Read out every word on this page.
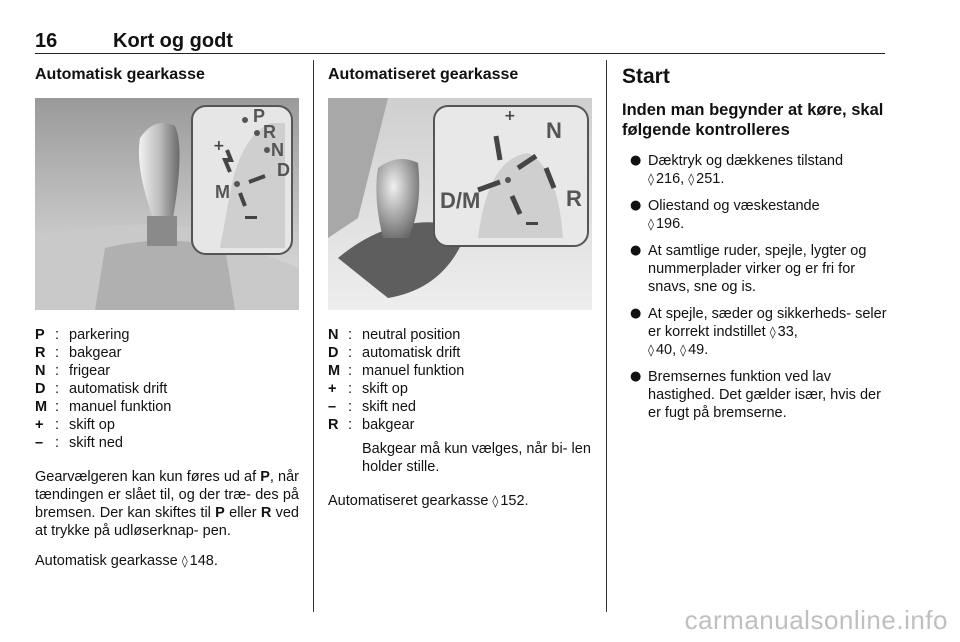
16	Kort og godt
Automatisk gearkasse
P
R
N
D
M
+
P : parkering
R : bakgear
N : frigear
D : automatisk drift
M : manuel funktion
+ : skift op
– : skift ned

Gearvælgeren kan kun føres ud af P, når tændingen er slået til, og der træ- des på bremsen. Der kan skiftes til P eller R ved at trykke på udløserknap- pen.

Automatisk gearkasse ◊ 148.

Automatiseret gearkasse
D/M
N
R
+
N : neutral position
D : automatisk drift
M : manuel funktion
+ : skift op
– : skift ned
R : bakgear
Bakgear må kun vælges, når bi- len holder stille.

Automatiseret gearkasse ◊ 152.

Start
Inden man begynder at køre, skal følgende kontrolleres
● Dæktryk og dækkenes tilstand
◊ 216, ◊ 251.
● Oliestand og væskestande
◊ 196.
● At samtlige ruder, spejle, lygter og nummerplader virker og er fri for snavs, sne og is.
● At spejle, sæder og sikkerheds- seler er korrekt indstillet ◊ 33,
◊ 40, ◊ 49.
● Bremsernes funktion ved lav hastighed. Det gælder især, hvis der er fugt på bremserne.
carmanualsonline.info
